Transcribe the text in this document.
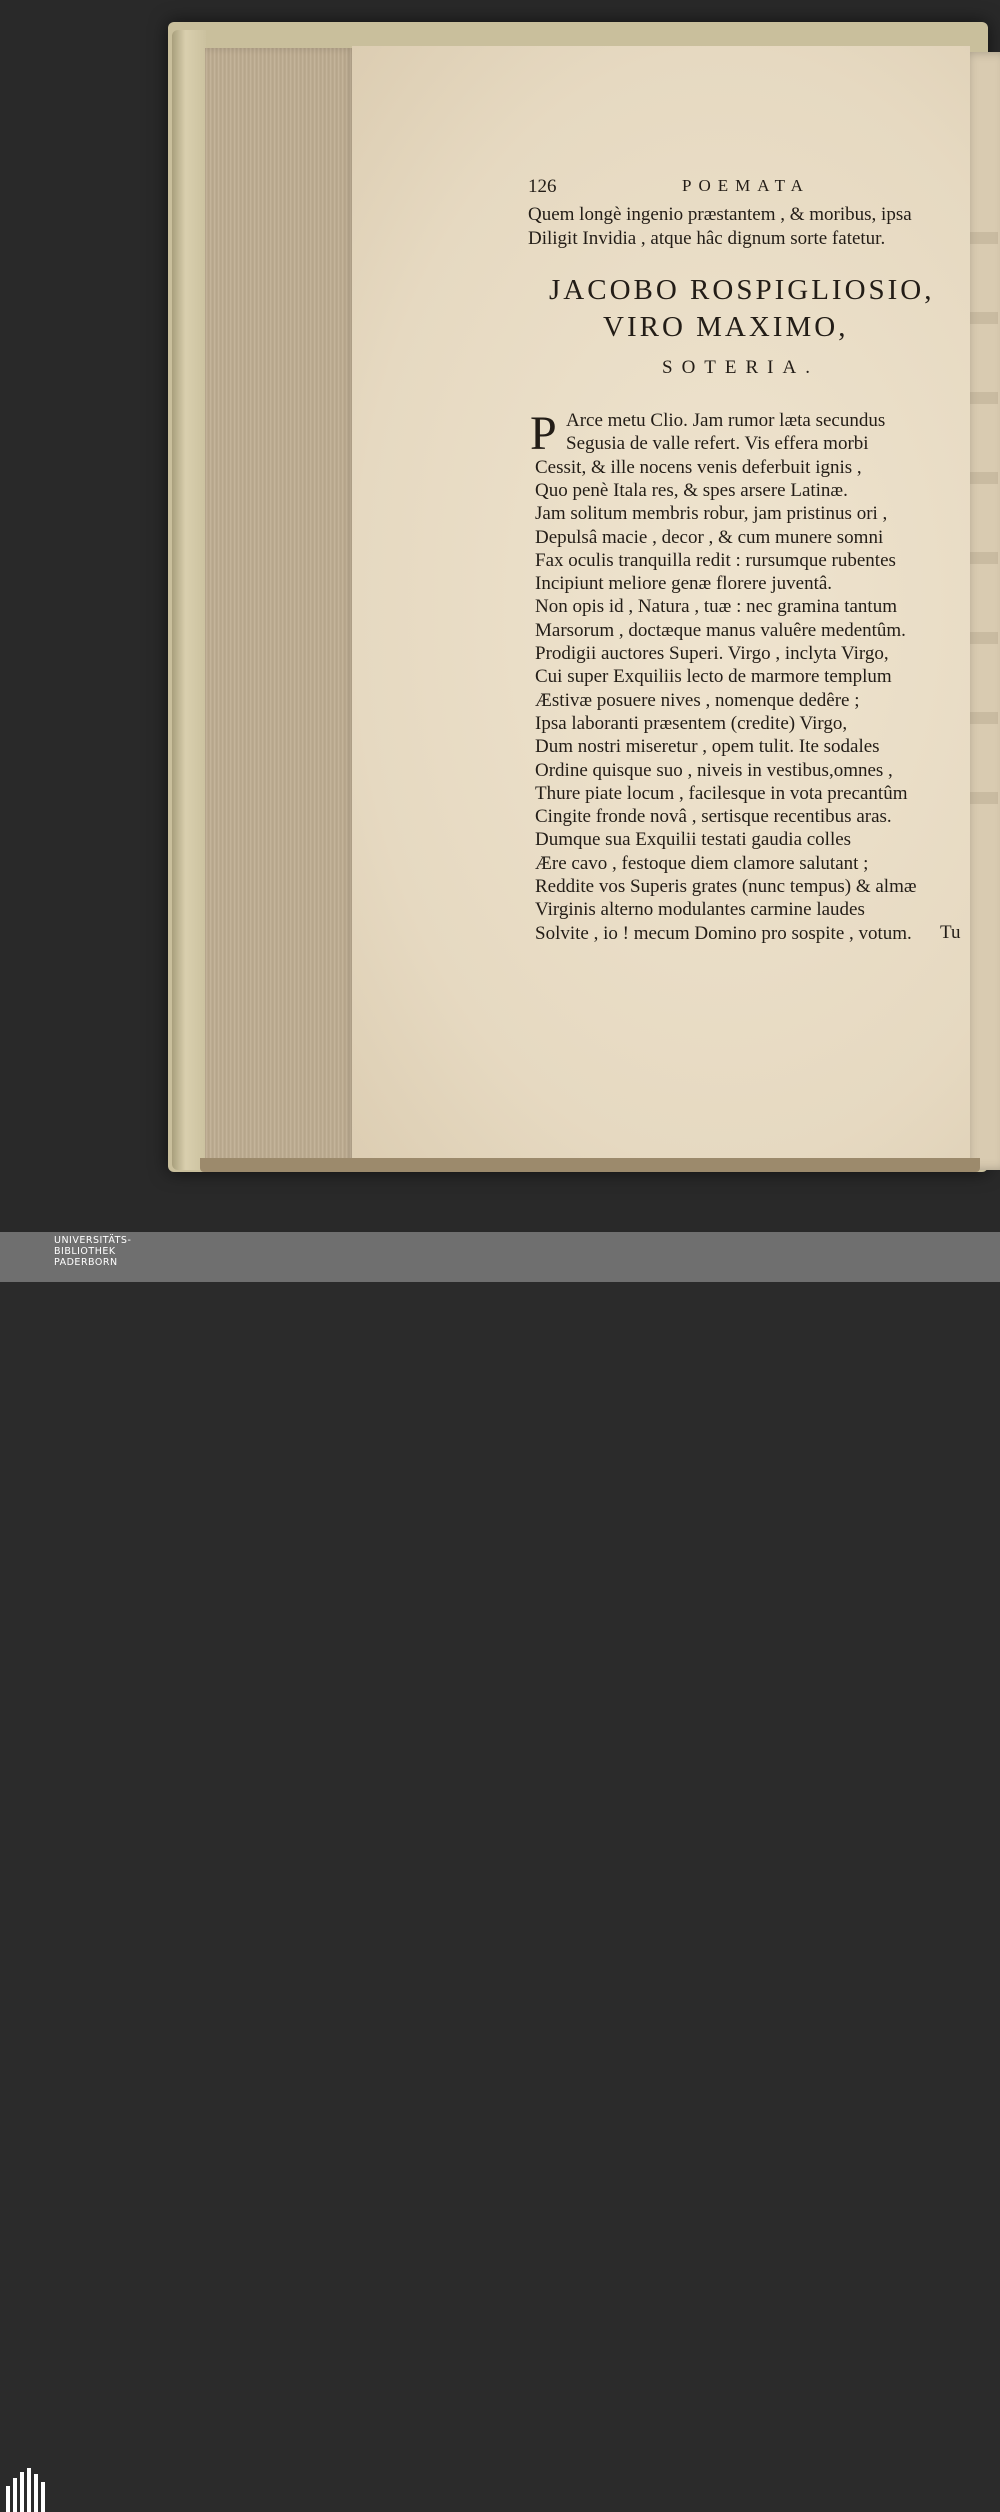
126	POEMATA
Quem longè ingenio præstantem , & moribus, ipsa
Diligit Invidia , atque hâc dignum sorte fatetur.
JACOBO ROSPIGLIOSIO,
VIRO MAXIMO,
SOTERIA.
P Arce metu Clio. Jam rumor læta secundus
Segusia de valle refert. Vis effera morbi
Cessit, & ille nocens venis deferbuit ignis ,
Quo penè Itala res, & spes arsere Latinæ.
Jam solitum membris robur, jam pristinus ori ,
Depulsâ macie , decor , & cum munere somni
Fax oculis tranquilla redit : rursumque rubentes
Incipiunt meliore genæ florere juventâ.
Non opis id , Natura , tuæ : nec gramina tantum
Marsorum , doctæque manus valuêre medentûm.
Prodigii auctores Superi. Virgo , inclyta Virgo,
Cui super Exquiliis lecto de marmore templum
Æstivæ posuere nives , nomenque dedêre ;
Ipsa laboranti præsentem (credite) Virgo,
Dum nostri miseretur , opem tulit. Ite sodales
Ordine quisque suo , niveis in vestibus,omnes ,
Thure piate locum , facilesque in vota precantûm
Cingite fronde novâ , sertisque recentibus aras.
Dumque sua Exquilii testati gaudia colles
Ære cavo , festoque diem clamore salutant ;
Reddite vos Superis grates (nunc tempus) & almæ
Virginis alterno modulantes carmine laudes
Solvite , io ! mecum Domino pro sospite , votum. Tu
UNIVERSITÄTS-
BIBLIOTHEK
PADERBORN
